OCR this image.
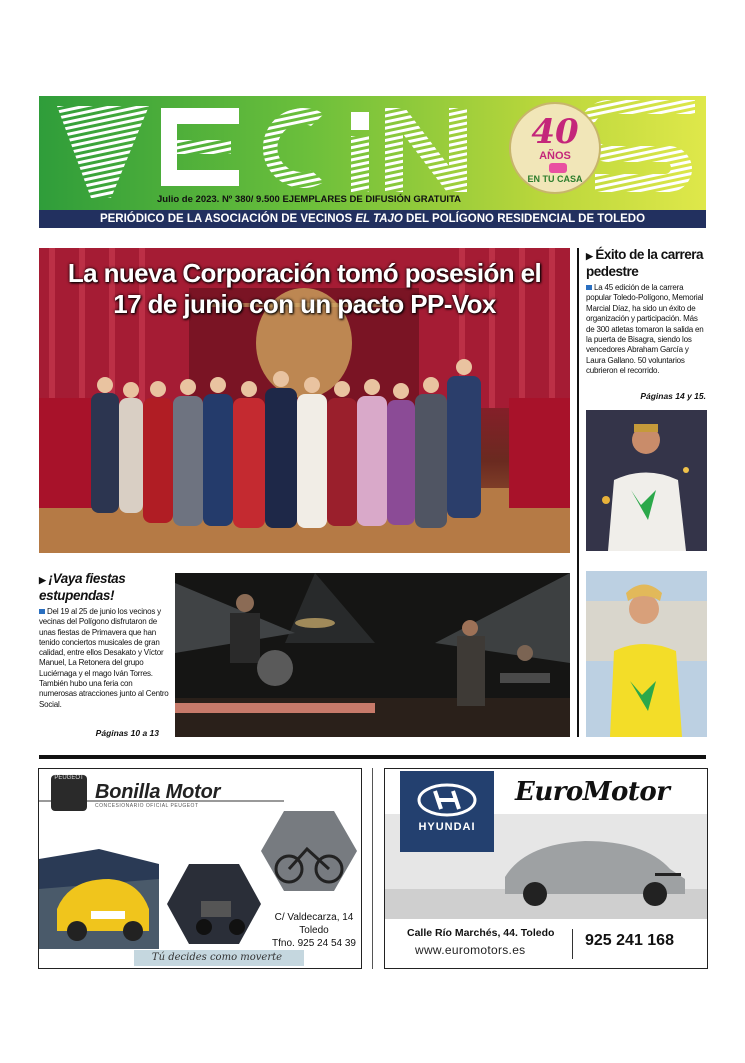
Julio de 2023. Nº 380/ 9.500 EJEMPLARES DE DIFUSIÓN GRATUITA
40
AÑOS
EN TU CASA
PERIÓDICO DE LA ASOCIACIÓN DE VECINOS EL TAJO DEL POLÍGONO RESIDENCIAL DE TOLEDO
La nueva Corporación tomó posesión el
17 de junio con un pacto PP-Vox
▶ Éxito de la carrera pedestre
La 45 edición de la carrera popular Toledo-Polígono, Memorial Marcial Díaz, ha sido un éxito de organización y participación. Más de 300 atletas tomaron la salida en la puerta de Bisagra, siendo los vencedores Abraham García y Laura Gallano. 50 voluntarios cubrieron el recorrido.
Páginas 14 y 15.
▶ ¡Vaya fiestas estupendas!
Del 19 al 25 de junio los vecinos y vecinas del Polígono disfrutaron de unas fiestas de Primavera que han tenido conciertos musicales de gran calidad, entre ellos Desakato y Víctor Manuel, La Retonera del grupo Luciérnaga y el mago Iván Torres. También hubo una feria con numerosas atracciones junto al Centro Social.
Páginas 10 a 13
PEUGEOT
Bonilla Motor
CONCESIONARIO OFICIAL PEUGEOT
C/ Valdecarza, 14
Toledo
Tfno. 925 24 54 39
Tú decides como moverte
HYUNDAI
EuroMotor
Calle Río Marchés, 44. Toledo
www.euromotors.es
925 241 168
